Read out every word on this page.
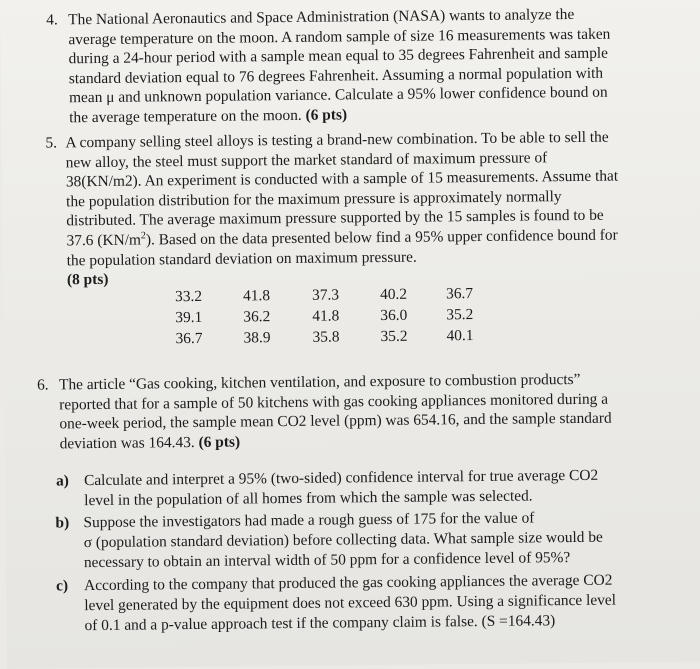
4. The National Aeronautics and Space Administration (NASA) wants to analyze the
average temperature on the moon. A random sample of size 16 measurements was taken
during a 24-hour period with a sample mean equal to 35 degrees Fahrenheit and sample
standard deviation equal to 76 degrees Fahrenheit. Assuming a normal population with
mean μ and unknown population variance. Calculate a 95% lower confidence bound on
the average temperature on the moon. (6 pts)
5. A company selling steel alloys is testing a brand-new combination. To be able to sell the
new alloy, the steel must support the market standard of maximum pressure of
38(KN/m2). An experiment is conducted with a sample of 15 measurements. Assume that
the population distribution for the maximum pressure is approximately normally
distributed. The average maximum pressure supported by the 15 samples is found to be
37.6 $(KN/m^2)$. Based on the data presented below find a 95% upper confidence bound for
the population standard deviation on maximum pressure.
(8 pts)
33.2	41.8	37.3	40.2	36.7
39.1	36.2	41.8	36.0	35.2
36.7	38.9	35.8	35.2	40.1
6. The article “Gas cooking, kitchen ventilation, and exposure to combustion products”
reported that for a sample of 50 kitchens with gas cooking appliances monitored during a
one-week period, the sample mean CO2 level (ppm) was 654.16, and the sample standard
deviation was 164.43. (6 pts)
a) Calculate and interpret a 95% (two-sided) confidence interval for true average CO2
level in the population of all homes from which the sample was selected.
b) Suppose the investigators had made a rough guess of 175 for the value of
σ (population standard deviation) before collecting data. What sample size would be
necessary to obtain an interval width of 50 ppm for a confidence level of 95%?
c) According to the company that produced the gas cooking appliances the average CO2
level generated by the equipment does not exceed 630 ppm. Using a significance level
of 0.1 and a p-value approach test if the company claim is false. (S =164.43)
